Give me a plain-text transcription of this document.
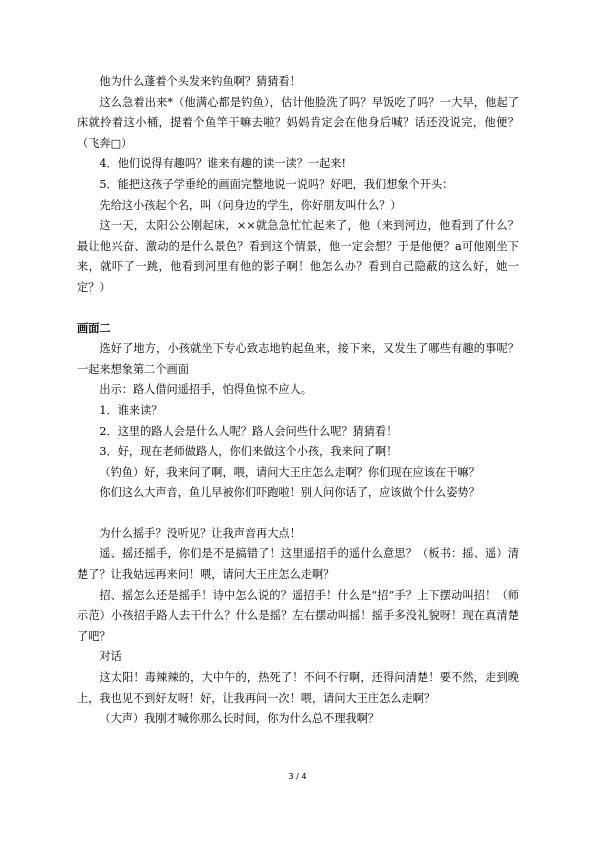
他为什么蓬着个头发来钓鱼啊？猜猜看！

这么急着出来*（他满心都是钓鱼），估计他脸洗了吗？早饭吃了吗？一大早，他起了床就拎着这小桶，提着个鱼竿干嘛去啦？妈妈肯定会在他身后喊？话还没说完，他便？（飞奔□）

4．他们说得有趣吗？谁来有趣的读一读？一起来!

5．能把这孩子学垂纶的画面完整地说一说吗？好吧，我们想象个开头：

先给这小孩起个名，叫（问身边的学生，你好朋友叫什么？）

这一天，太阳公公刚起床，××就急急忙忙起来了，他（来到河边，他看到了什么？最让他兴奋、激动的是什么景色？看到这个情景，他一定会想？于是他便？a可他刚坐下来，就吓了一跳，他看到河里有他的影子啊！他怎么办？看到自己隐蔽的这么好，她一定？）

画面二

选好了地方，小孩就坐下专心致志地钓起鱼来，接下来，又发生了哪些有趣的事呢？一起来想象第二个画面

出示：路人借问遥招手，怕得鱼惊不应人。

1．谁来读？

2．这里的路人会是什么人呢？路人会问些什么呢？猜猜看！

3．好，现在老师做路人，你们来做这个小孩，我来问了啊！

（钓鱼）好，我来问了啊，喂，请问大王庄怎么走啊？你们现在应该在干嘛？

你们这么大声音，鱼儿早被你们吓跑啦！别人问你话了，应该做个什么姿势？

为什么摇手？没听见？让我声音再大点！

遥、摇还摇手，你们是不是搞错了！这里遥招手的遥什么意思？（板书：摇、遥）清楚了？让我姑远再来问！喂，请问大王庄怎么走啊？

招、摇怎么还是摇手！诗中怎么说的？遥招手！什么是“招”手？上下摆动叫招！（师示范）小孩招手路人去干什么？什么是摇？左右摆动叫摇！摇手多没礼貌呀！现在真清楚了吧？

对话

这太阳！毒辣辣的，大中午的，热死了！不问不行啊，还得问清楚！要不然，走到晚上，我也见不到好友呀！好，让我再问一次！喂，请问大王庄怎么走啊？

（大声）我刚才喊你那么长时间，你为什么总不理我啊？

3 / 4
